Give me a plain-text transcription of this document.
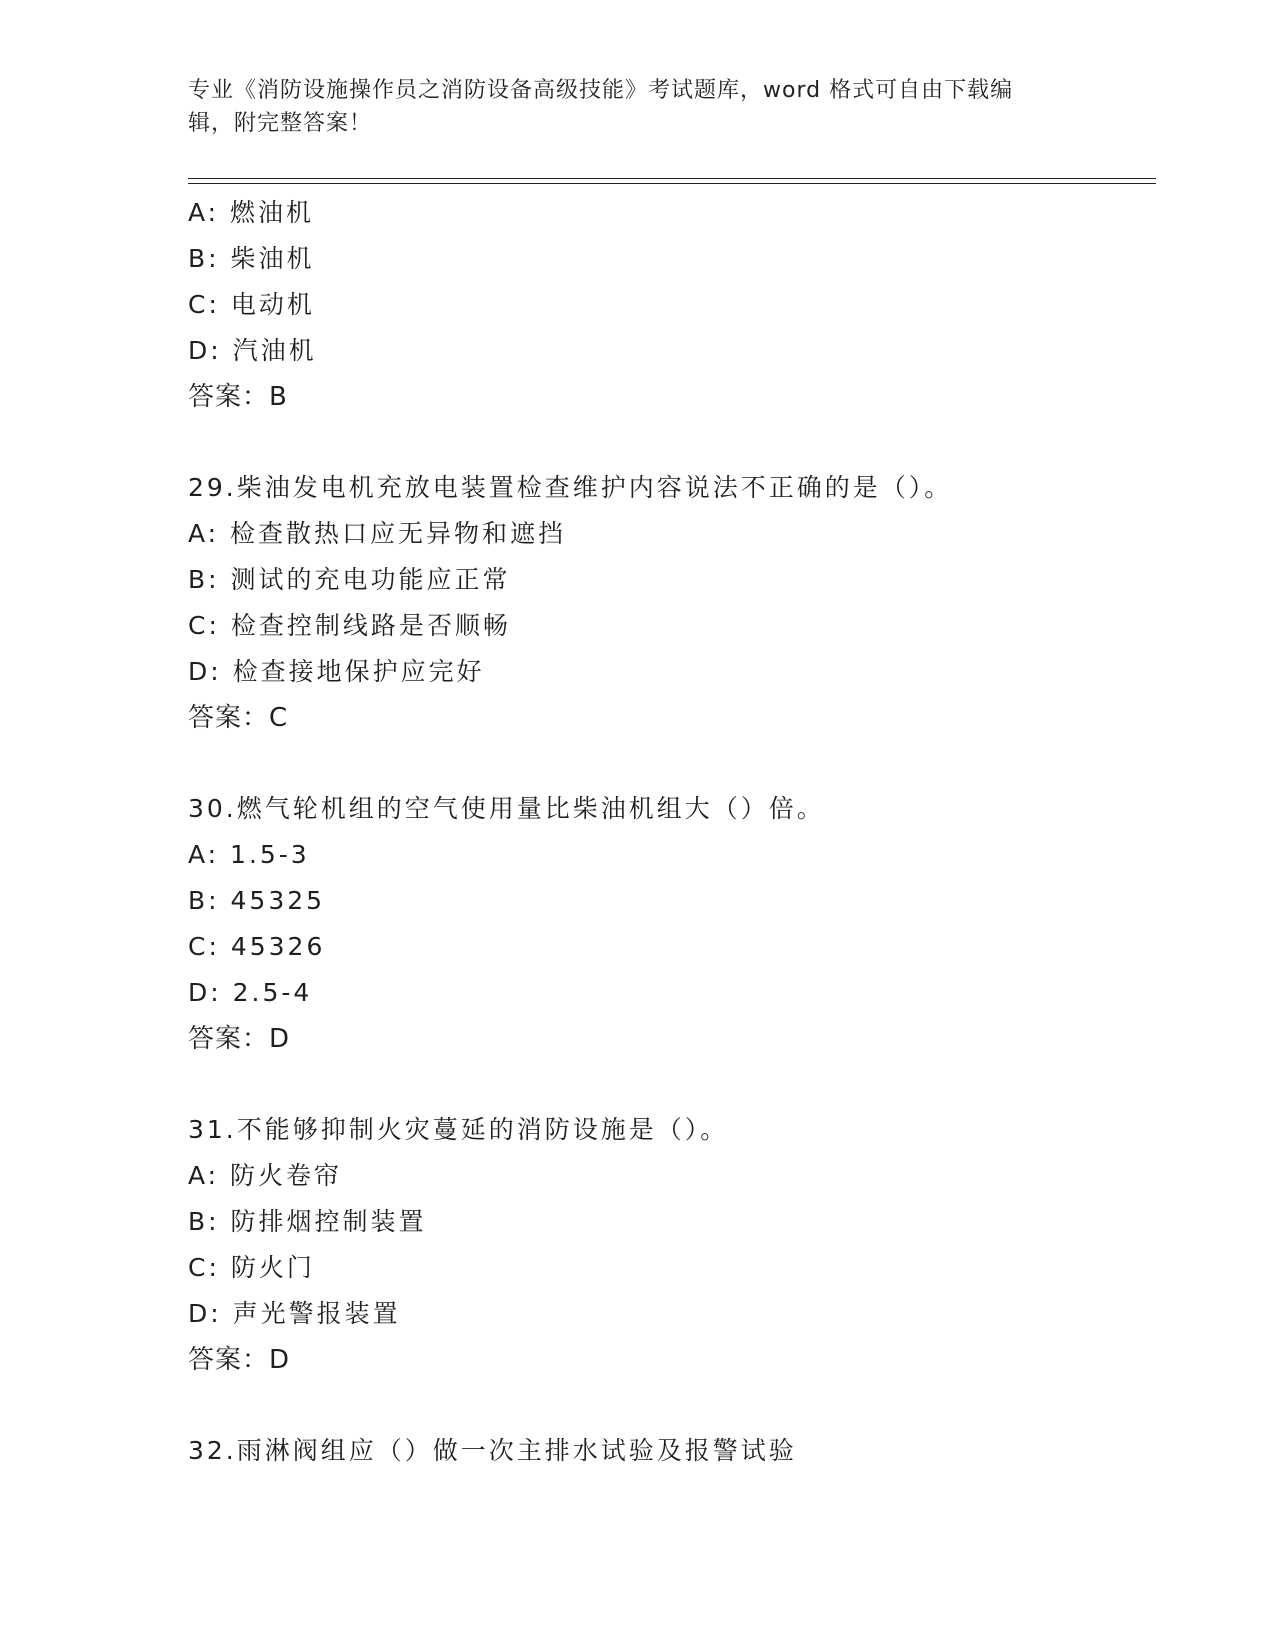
专业《消防设施操作员之消防设备高级技能》考试题库，word 格式可自由下载编
辑，附完整答案！
A: 燃油机
B: 柴油机
C: 电动机
D: 汽油机
答案：B
29.柴油发电机充放电装置检查维护内容说法不正确的是（）。
A: 检查散热口应无异物和遮挡
B: 测试的充电功能应正常
C: 检查控制线路是否顺畅
D: 检查接地保护应完好
答案：C
30.燃气轮机组的空气使用量比柴油机组大（）倍。
A: 1.5-3
B: 45325
C: 45326
D: 2.5-4
答案：D
31.不能够抑制火灾蔓延的消防设施是（）。
A: 防火卷帘
B: 防排烟控制装置
C: 防火门
D: 声光警报装置
答案：D
32.雨淋阀组应（）做一次主排水试验及报警试验
